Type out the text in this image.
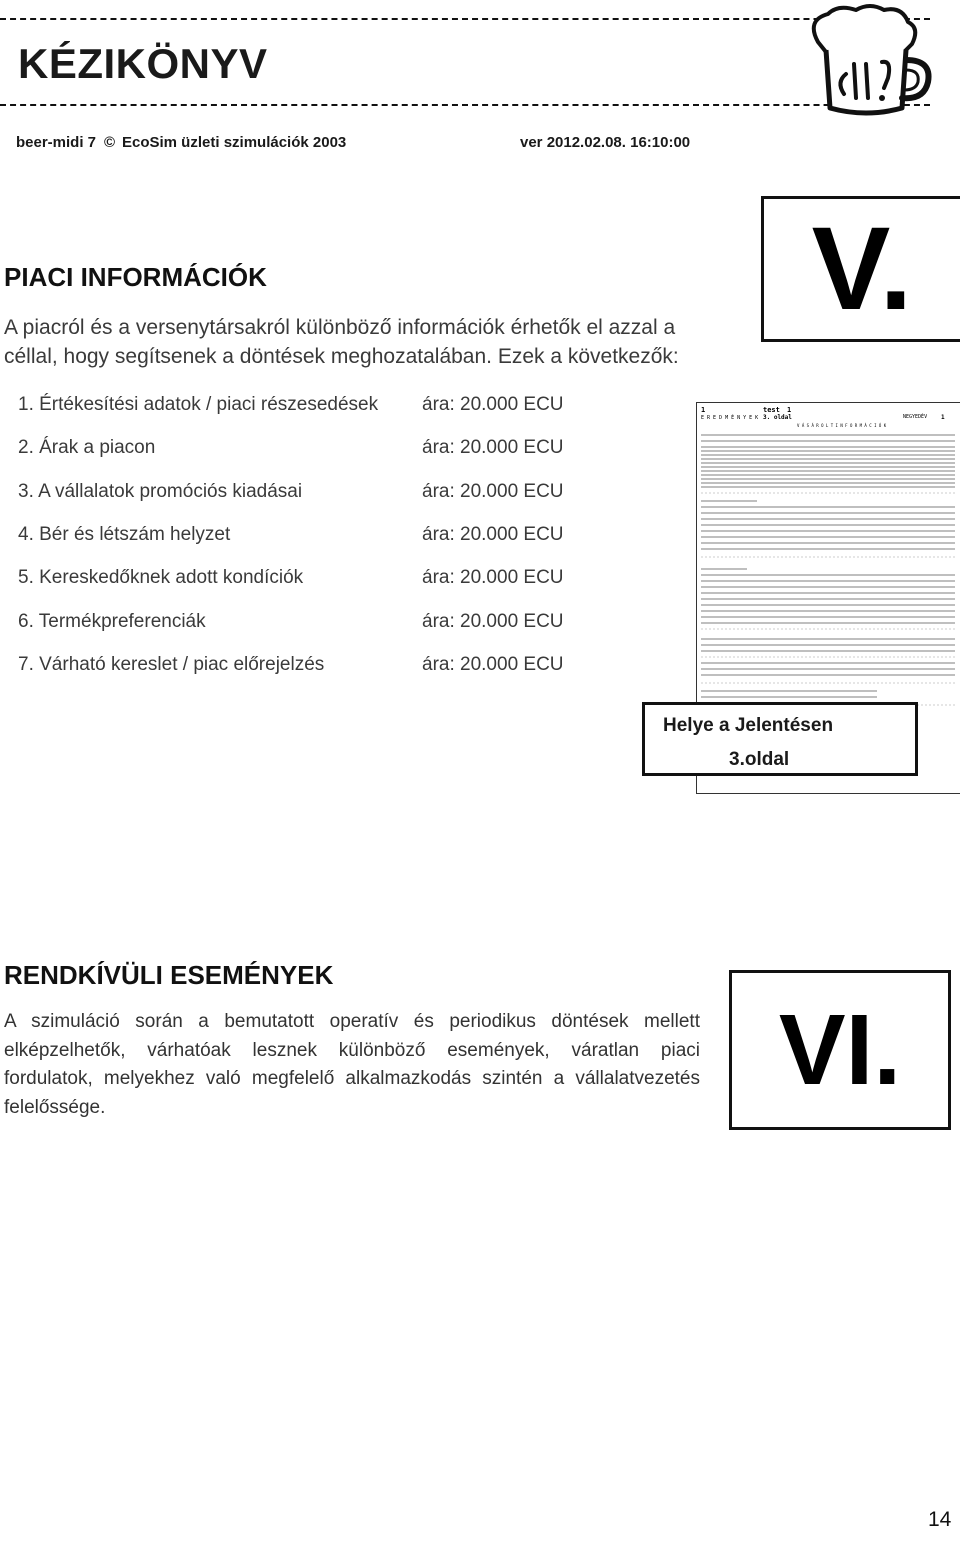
KÉZIKÖNYV
beer-midi 7 © EcoSim üzleti szimulációk 2003	ver 2012.02.08. 16:10:00
V.
PIACI INFORMÁCIÓK
A piacról és a versenytársakról különböző információk érhetők el azzal a
céllal, hogy segítsenek a döntések meghozatalában. Ezek a következők:
1. Értékesítési adatok / piaci részesedések ára: 20.000 ECU
2. Árak a piacon	ára: 20.000 ECU
3. A vállalatok promóciós kiadásai	ára: 20.000 ECU
4. Bér és létszám helyzet	ára: 20.000 ECU
5. Kereskedőknek adott kondíciók	ára: 20.000 ECU
6. Termékpreferenciák	ára: 20.000 ECU
7. Várható kereslet / piac előrejelzés	ára: 20.000 ECU
1	test 1
E R E D M É N Y E K 3. oldal	NEGYEDÉV 1
V Á S Á R O L T I N F O R M Á C I Ó K
Helye a Jelentésen
3.oldal
VI.
RENDKÍVÜLI ESEMÉNYEK
A szimuláció során a bemutatott operatív és periodikus döntések mellett
elképzelhetők, várhatóak lesznek különböző események, váratlan piaci
fordulatok, melyekhez való megfelelő alkalmazkodás szintén a vállalatvezetés
felelőssége.
14
